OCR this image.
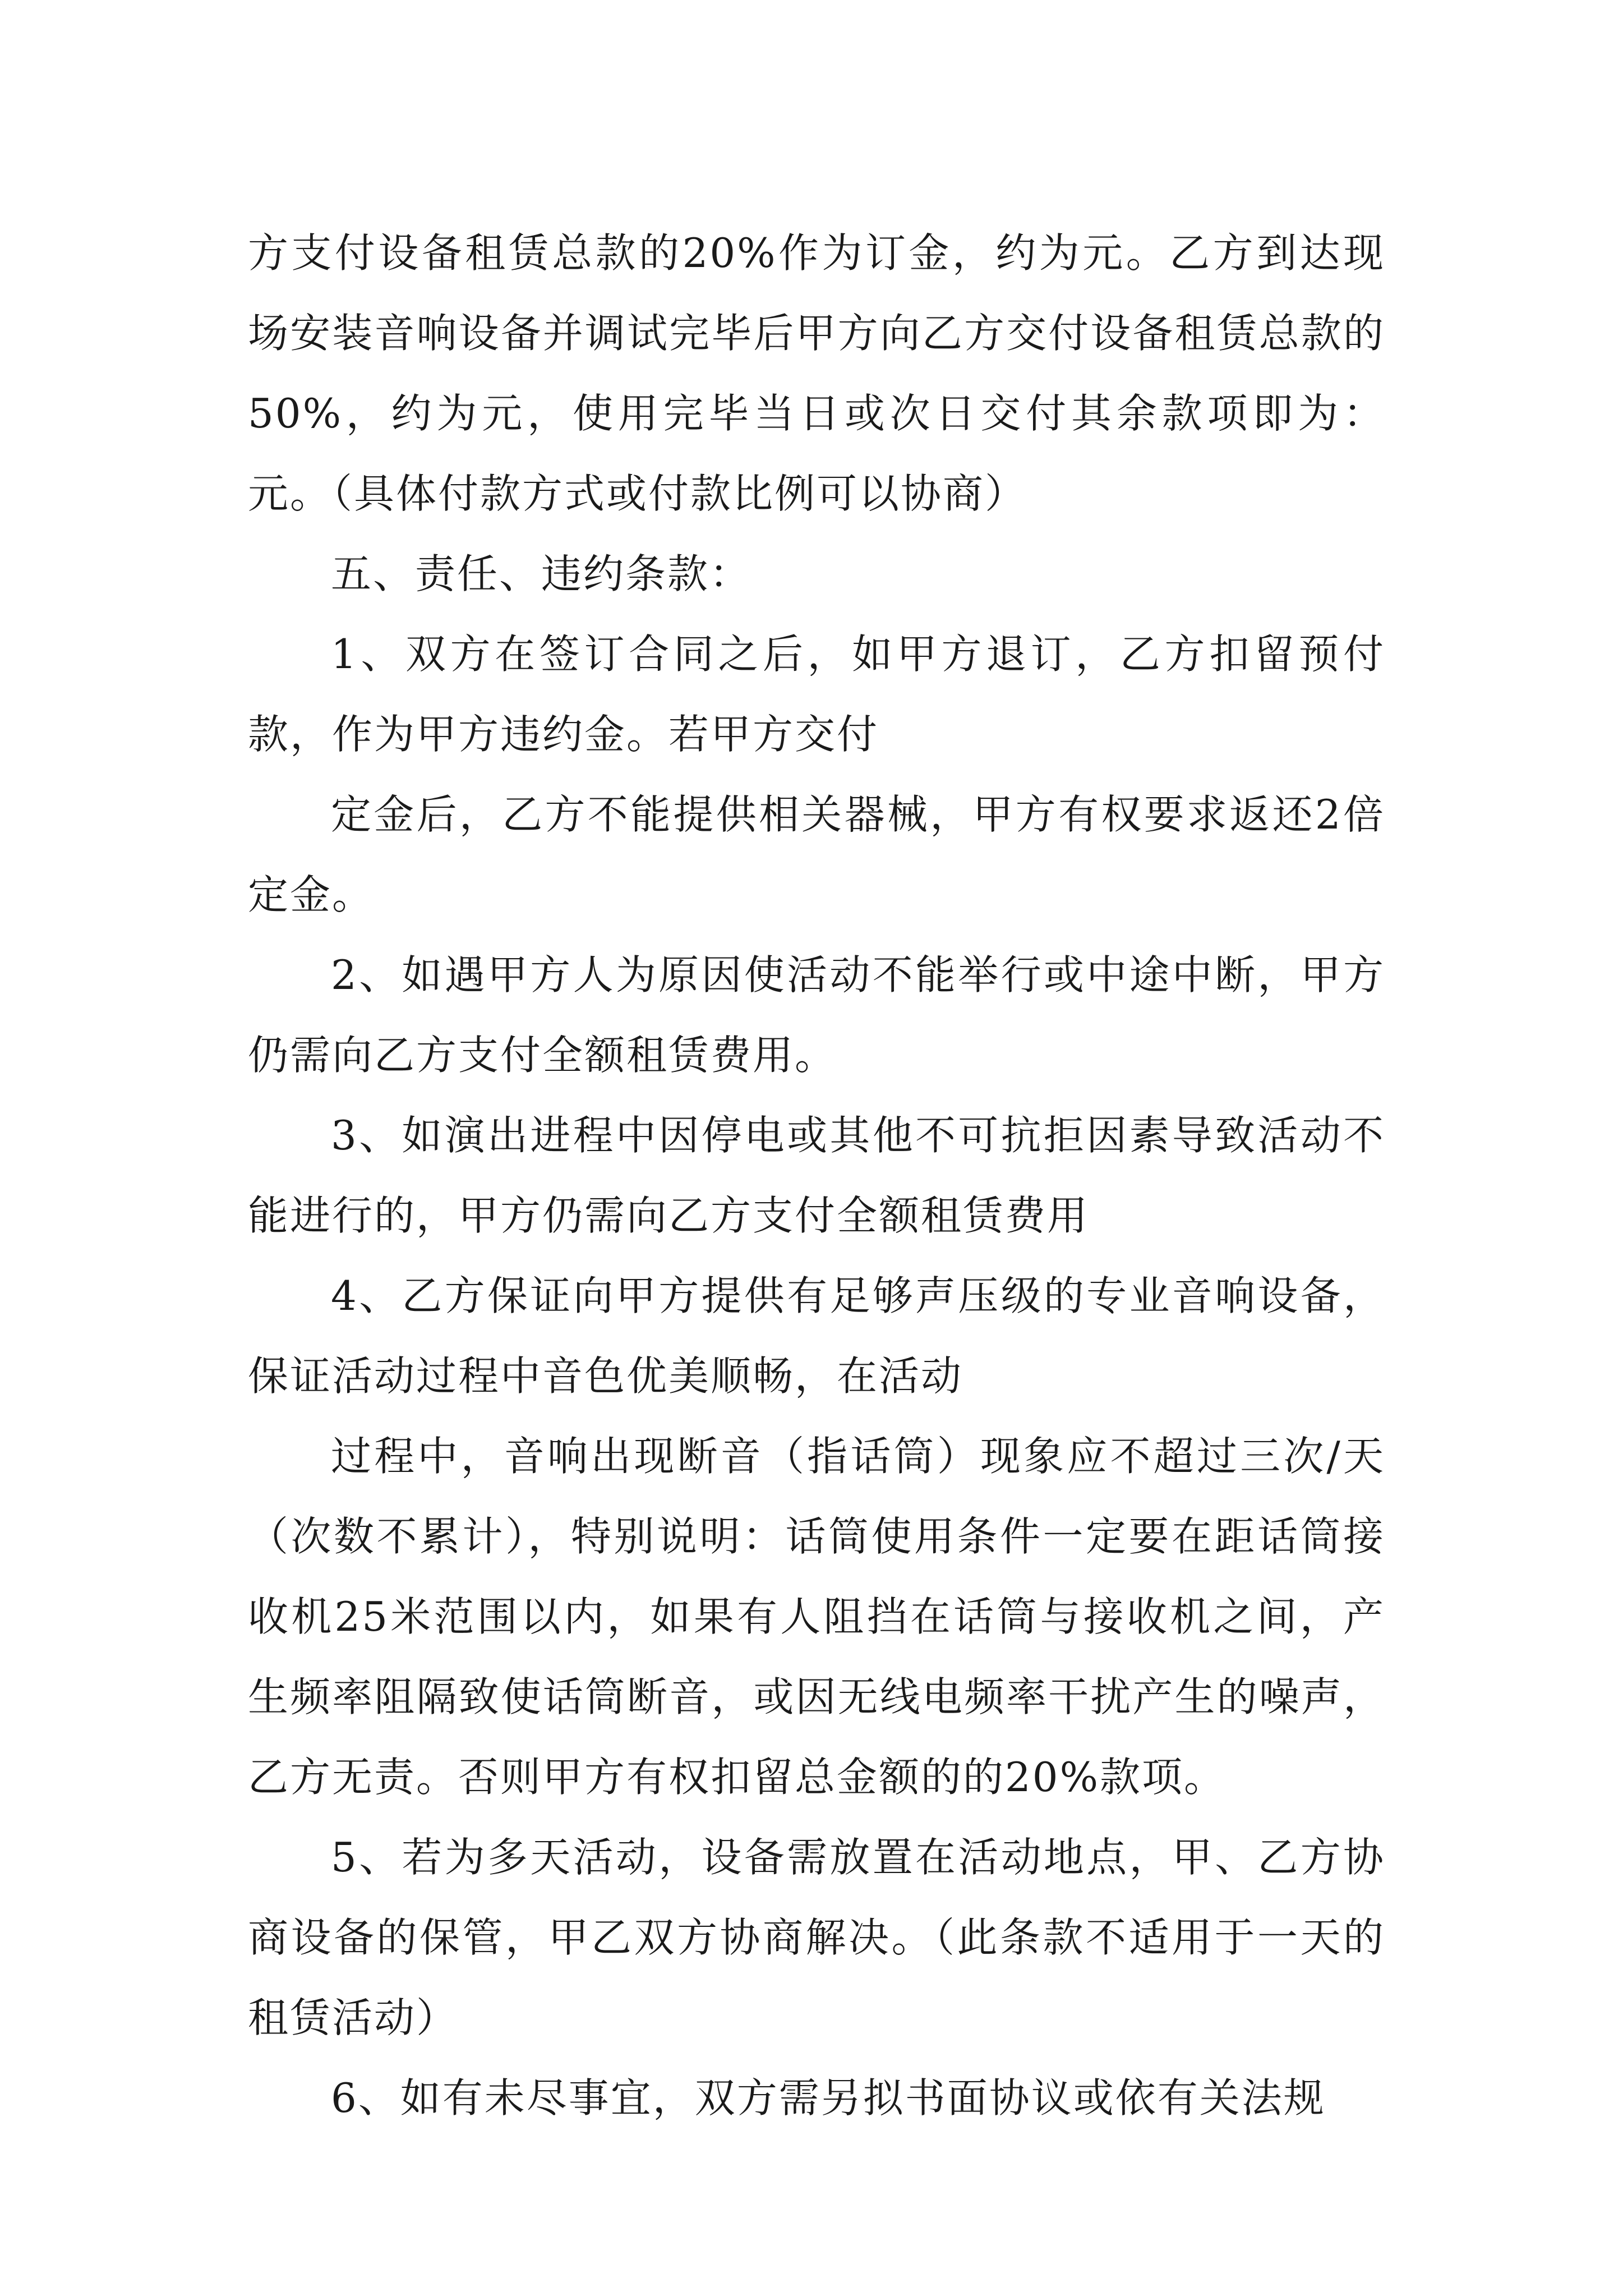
方支付设备租赁总款的20%作为订金，约为元。乙方到达现场安装音响设备并调试完毕后甲方向乙方交付设备租赁总款的50%，约为元，使用完毕当日或次日交付其余款项即为：元。（具体付款方式或付款比例可以协商）

五、责任、违约条款：

1、双方在签订合同之后，如甲方退订，乙方扣留预付款，作为甲方违约金。若甲方交付

定金后，乙方不能提供相关器械，甲方有权要求返还2倍定金。

2、如遇甲方人为原因使活动不能举行或中途中断，甲方仍需向乙方支付全额租赁费用。

3、如演出进程中因停电或其他不可抗拒因素导致活动不能进行的，甲方仍需向乙方支付全额租赁费用

4、乙方保证向甲方提供有足够声压级的专业音响设备，保证活动过程中音色优美顺畅，在活动

过程中，音响出现断音（指话筒）现象应不超过三次/天（次数不累计），特别说明：话筒使用条件一定要在距话筒接收机25米范围以内，如果有人阻挡在话筒与接收机之间，产生频率阻隔致使话筒断音，或因无线电频率干扰产生的噪声，乙方无责。否则甲方有权扣留总金额的的20%款项。

5、若为多天活动，设备需放置在活动地点，甲、乙方协商设备的保管，甲乙双方协商解决。（此条款不适用于一天的租赁活动）

6、如有未尽事宜，双方需另拟书面协议或依有关法规
